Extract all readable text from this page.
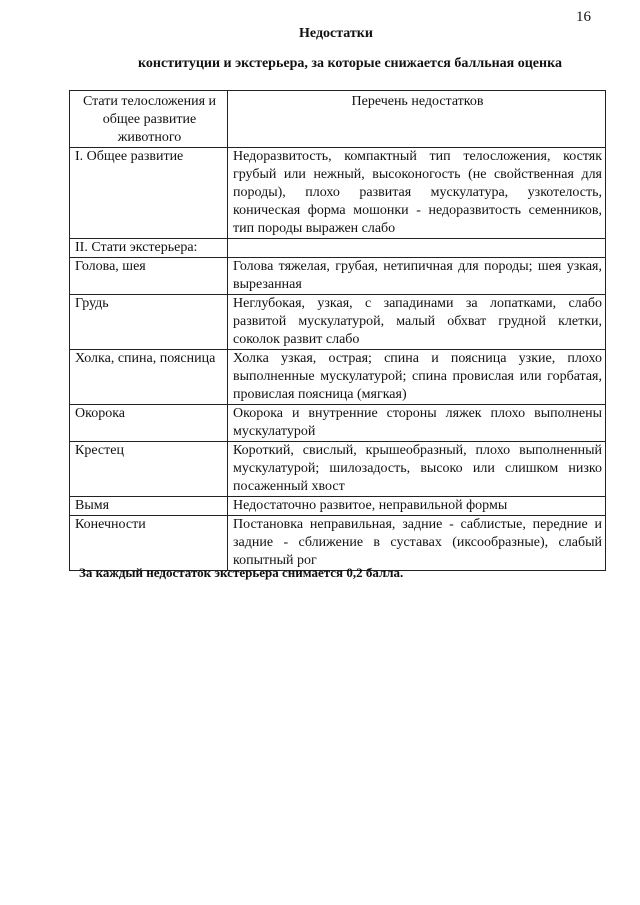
16
Недостатки
конституции и экстерьера, за которые снижается балльная оценка
Стати телосложения и общее развитие животного	Перечень недостатков
I. Общее развитие	Недоразвитость, компактный тип телосложения, костяк грубый или нежный, высоконогость (не свойственная для породы), плохо развитая мускулатура, узкотелость, коническая форма мошонки - недоразвитость семенников, тип породы выражен слабо
II. Стати экстерьера:	
Голова, шея	Голова тяжелая, грубая, нетипичная для породы; шея узкая, вырезанная
Грудь	Неглубокая, узкая, с западинами за лопатками, слабо развитой мускулатурой, малый обхват грудной клетки, соколок развит слабо
Холка, спина, поясница	Холка узкая, острая; спина и поясница узкие, плохо выполненные мускулатурой; спина провислая или горбатая, провислая поясница (мягкая)
Окорока	Окорока и внутренние стороны ляжек плохо выполнены мускулатурой
Крестец	Короткий, свислый, крышеобразный, плохо выполненный мускулатурой; шилозадость, высоко или слишком низко посаженный хвост
Вымя	Недостаточно развитое, неправильной формы
Конечности	Постановка неправильная, задние - саблистые, передние и задние - сближение в суставах (иксообразные), слабый копытный рог
За каждый недостаток экстерьера снимается 0,2 балла.
